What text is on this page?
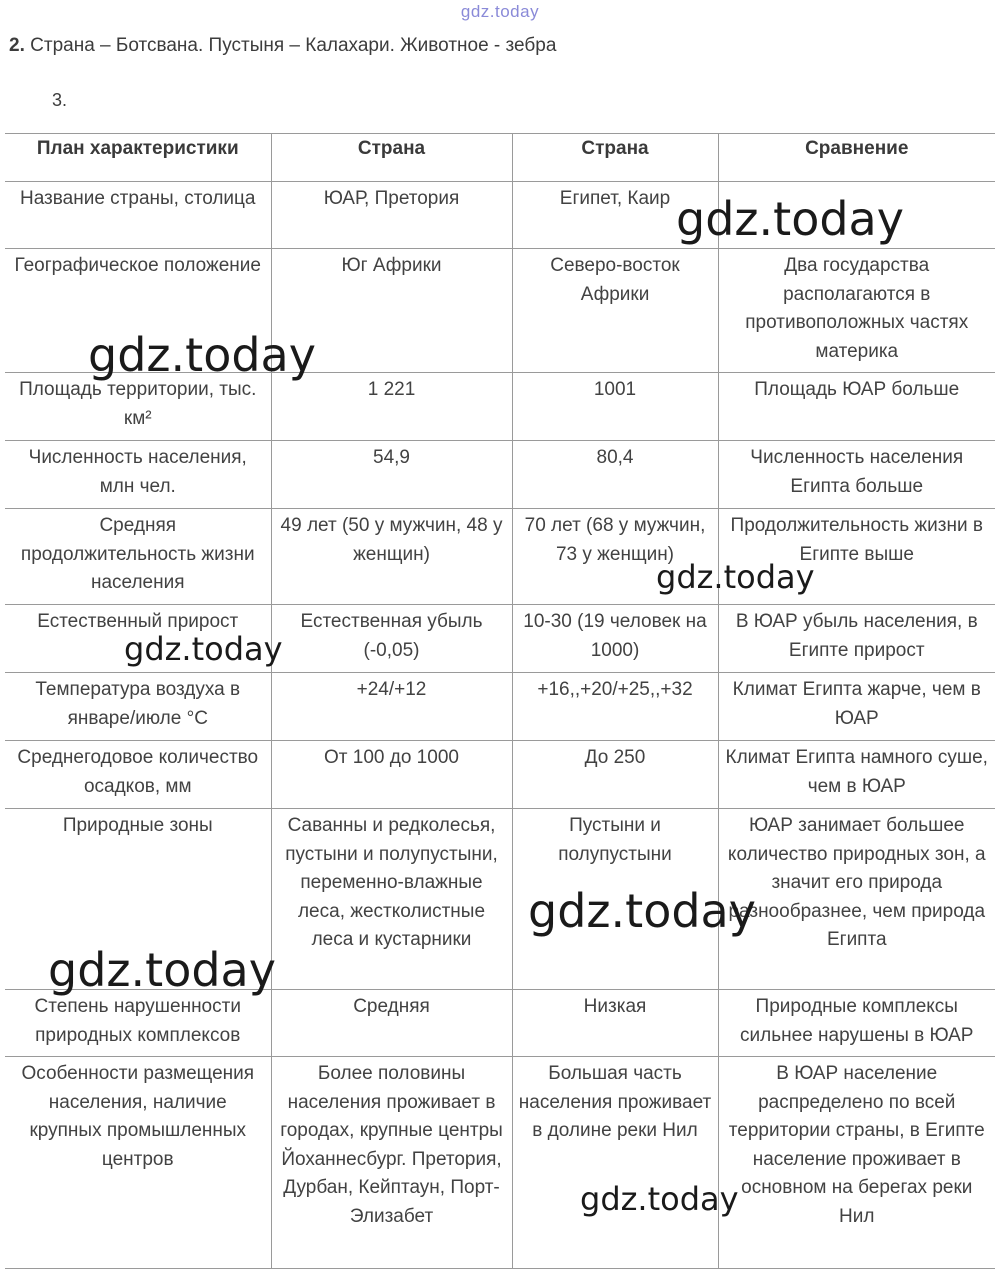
gdz.today
2. Страна – Ботсвана. Пустыня – Калахари. Животное - зебра
3.
План характеристики	Страна	Страна	Сравнение
Название страны, столица	ЮАР, Претория	Египет, Каир	
Географическое положение	Юг Африки	Северо-восток Африки	Два государства располагаются в противоположных частях материка
Площадь территории, тыс. км²	1 221	1001	Площадь ЮАР больше
Численность населения, млн чел.	54,9	80,4	Численность населения Египта больше
Средняя продолжительность жизни населения	49 лет (50 у мужчин, 48 у женщин)	70 лет (68 у мужчин, 73 у женщин)	Продолжительность жизни в Египте выше
Естественный прирост	Естественная убыль (-0,05)	10-30 (19 человек на 1000)	В ЮАР убыль населения, в Египте прирост
Температура воздуха в январе/июле °С	+24/+12	+16,,+20/+25,,+32	Климат Египта жарче, чем в ЮАР
Среднегодовое количество осадков, мм	От 100 до 1000	До 250	Климат Египта намного суше, чем в ЮАР
Природные зоны	Саванны и редколесья, пустыни и полупустыни, переменно-влажные леса, жестколистные леса и кустарники	Пустыни и полупустыни	ЮАР занимает большее количество природных зон, а значит его природа разнообразнее, чем природа Египта
Степень нарушенности природных комплексов	Средняя	Низкая	Природные комплексы сильнее нарушены в ЮАР
Особенности размещения населения, наличие крупных промышленных центров	Более половины населения проживает в городах, крупные центры Йоханнесбург. Претория, Дурбан, Кейптаун, Порт-Элизабет	Большая часть населения проживает в долине реки Нил	В ЮАР население распределено по всей территории страны, в Египте население проживает в основном на берегах реки Нил
gdz.today
gdz.today
gdz.today
gdz.today
gdz.today
gdz.today
gdz.today
